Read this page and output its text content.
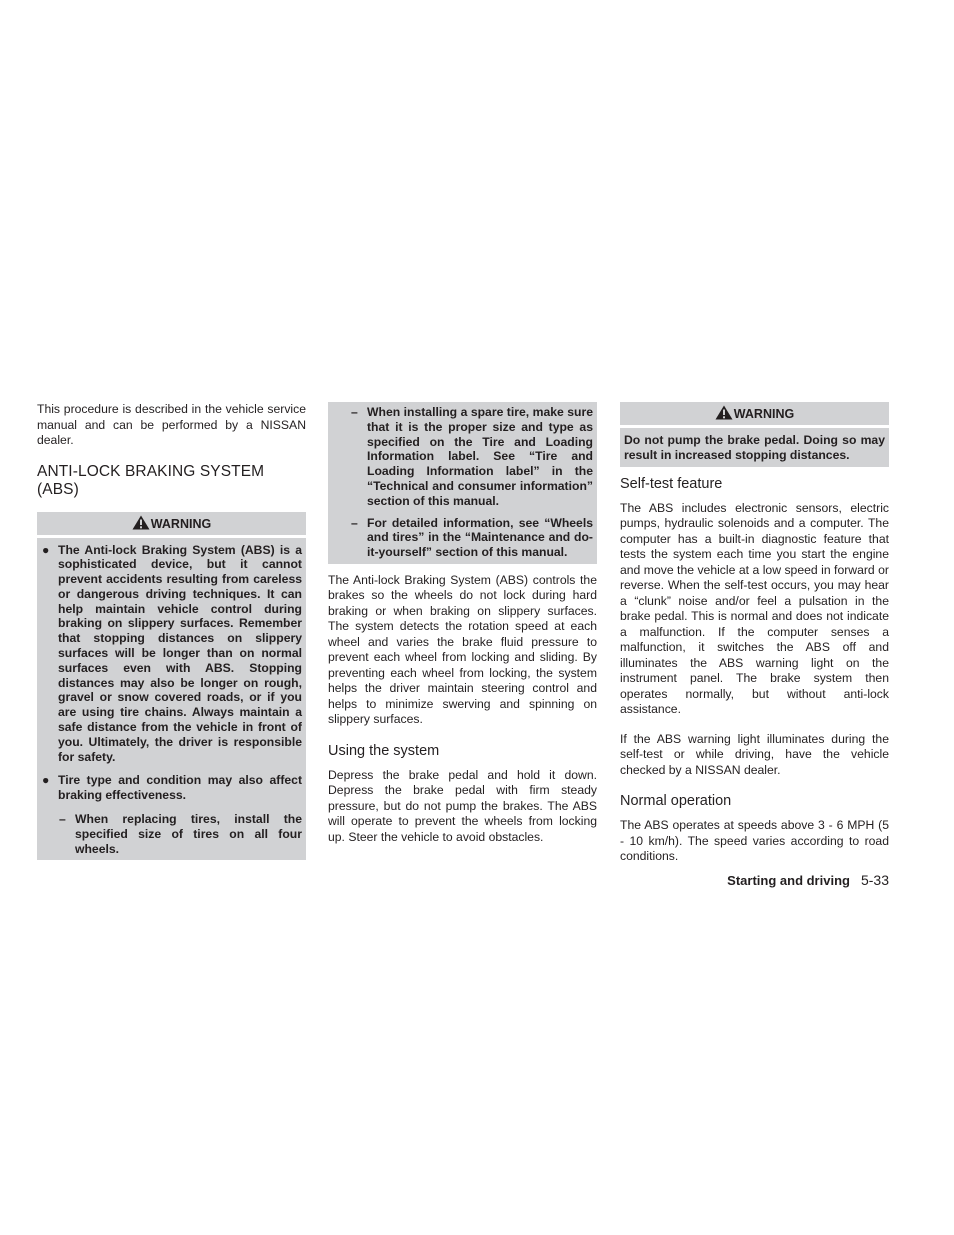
This procedure is described in the vehicle service manual and can be performed by a NISSAN dealer.

ANTI-LOCK BRAKING SYSTEM (ABS)
WARNING
● The Anti-lock Braking System (ABS) is a sophisticated device, but it cannot prevent accidents resulting from careless or dangerous driving techniques. It can help maintain vehicle control during braking on slippery surfaces. Remember that stopping distances on slippery surfaces will be longer than on normal surfaces even with ABS. Stopping distances may also be longer on rough, gravel or snow covered roads, or if you are using tire chains. Always maintain a safe distance from the vehicle in front of you. Ultimately, the driver is responsible for safety.
● Tire type and condition may also affect braking effectiveness.
– When replacing tires, install the specified size of tires on all four wheels.
– When installing a spare tire, make sure that it is the proper size and type as specified on the Tire and Loading Information label. See “Tire and Loading Information label” in the “Technical and consumer information” section of this manual.
– For detailed information, see “Wheels and tires” in the “Maintenance and do-it-yourself” section of this manual.

The Anti-lock Braking System (ABS) controls the brakes so the wheels do not lock during hard braking or when braking on slippery surfaces. The system detects the rotation speed at each wheel and varies the brake fluid pressure to prevent each wheel from locking and sliding. By preventing each wheel from locking, the system helps the driver maintain steering control and helps to minimize swerving and spinning on slippery surfaces.

Using the system

Depress the brake pedal and hold it down. Depress the brake pedal with firm steady pressure, but do not pump the brakes. The ABS will operate to prevent the wheels from locking up. Steer the vehicle to avoid obstacles.

WARNING
Do not pump the brake pedal. Doing so may result in increased stopping distances.
Self-test feature

The ABS includes electronic sensors, electric pumps, hydraulic solenoids and a computer. The computer has a built-in diagnostic feature that tests the system each time you start the engine and move the vehicle at a low speed in forward or reverse. When the self-test occurs, you may hear a “clunk” noise and/or feel a pulsation in the brake pedal. This is normal and does not indicate a malfunction. If the computer senses a malfunction, it switches the ABS off and illuminates the ABS warning light on the instrument panel. The brake system then operates normally, but without anti-lock assistance.

If the ABS warning light illuminates during the self-test or while driving, have the vehicle checked by a NISSAN dealer.

Normal operation

The ABS operates at speeds above 3 - 6 MPH (5 - 10 km/h). The speed varies according to road conditions.

Starting and driving 5-33
